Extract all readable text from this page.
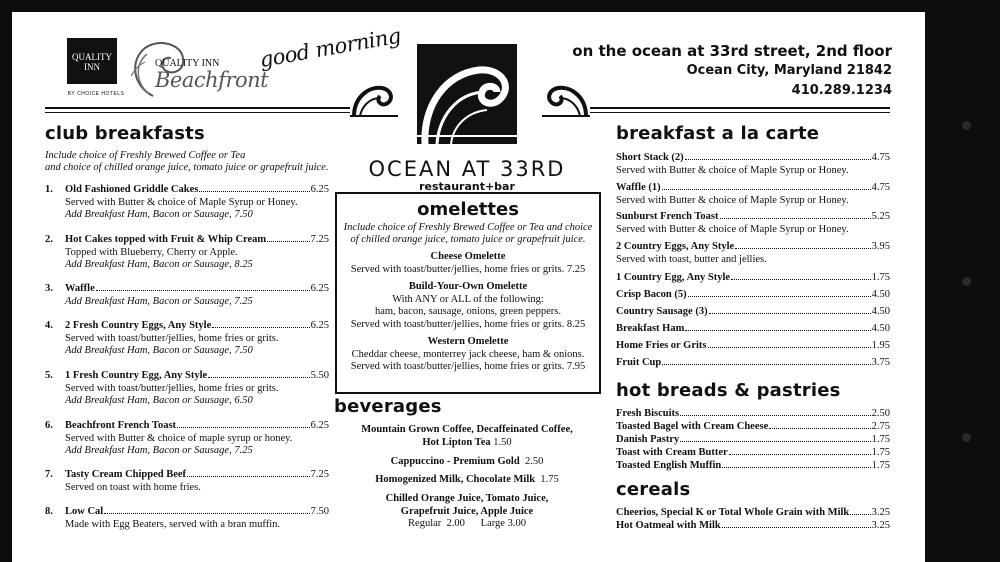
QUALITY
INN
BY CHOICE HOTELS
QUALITY INN
Beachfront
good morning
OCEAN AT 33RD
restaurant+bar
on the ocean at 33rd street, 2nd floor
Ocean City, Maryland 21842
410.289.1234
club breakfasts
Include choice of Freshly Brewed Coffee or Tea
and choice of chilled orange juice, tomato juice or grapefruit juice.
1. Old Fashioned Griddle Cakes	6.25
Served with Butter & choice of Maple Syrup or Honey.
Add Breakfast Ham, Bacon or Sausage, 7.50
2. Hot Cakes topped with Fruit & Whip Cream	7.25
Topped with Blueberry, Cherry or Apple.
Add Breakfast Ham, Bacon or Sausage, 8.25
3. Waffle	6.25
Add Breakfast Ham, Bacon or Sausage, 7.25
4. 2 Fresh Country Eggs, Any Style	6.25
Served with toast/butter/jellies, home fries or grits.
Add Breakfast Ham, Bacon or Sausage, 7.50
5. 1 Fresh Country Egg, Any Style	5.50
Served with toast/butter/jellies, home fries or grits.
Add Breakfast Ham, Bacon or Sausage, 6.50
6. Beachfront French Toast	6.25
Served with Butter & choice of maple syrup or honey.
Add Breakfast Ham, Bacon or Sausage, 7.25
7. Tasty Cream Chipped Beef	7.25
Served on toast with home fries.
8. Low Cal	7.50
Made with Egg Beaters, served with a bran muffin.
omelettes
Include choice of Freshly Brewed Coffee or Tea and choice
of chilled orange juice, tomato juice or grapefruit juice.
Cheese Omelette
Served with toast/butter/jellies, home fries or grits. 7.25
Build-Your-Own Omelette
With ANY or ALL of the following:
ham, bacon, sausage, onions, green peppers.
Served with toast/butter/jellies, home fries or grits. 8.25
Western Omelette
Cheddar cheese, monterrey jack cheese, ham & onions.
Served with toast/butter/jellies, home fries or grits. 7.95
beverages
Mountain Grown Coffee, Decaffeinated Coffee,
Hot Lipton Tea 1.50
Cappuccino - Premium Gold 2.50
Homogenized Milk, Chocolate Milk 1.75
Chilled Orange Juice, Tomato Juice,
Grapefruit Juice, Apple Juice
Regular  2.00      Large 3.00
breakfast a la carte
Short Stack (2)	4.75
Served with Butter & choice of Maple Syrup or Honey.
Waffle (1)	4.75
Served with Butter & choice of Maple Syrup or Honey.
Sunburst French Toast	5.25
Served with Butter & choice of Maple Syrup or Honey.
2 Country Eggs, Any Style	3.95
Served with toast, butter and jellies.
1 Country Egg, Any Style	1.75
Crisp Bacon (5)	4.50
Country Sausage (3)	4.50
Breakfast Ham	4.50
Home Fries or Grits	1.95
Fruit Cup	3.75
hot breads & pastries
Fresh Biscuits	2.50
Toasted Bagel with Cream Cheese	2.75
Danish Pastry	1.75
Toast with Cream Butter	1.75
Toasted English Muffin	1.75
cereals
Cheerios, Special K or Total Whole Grain with Milk 3.25
Hot Oatmeal with Milk	3.25
